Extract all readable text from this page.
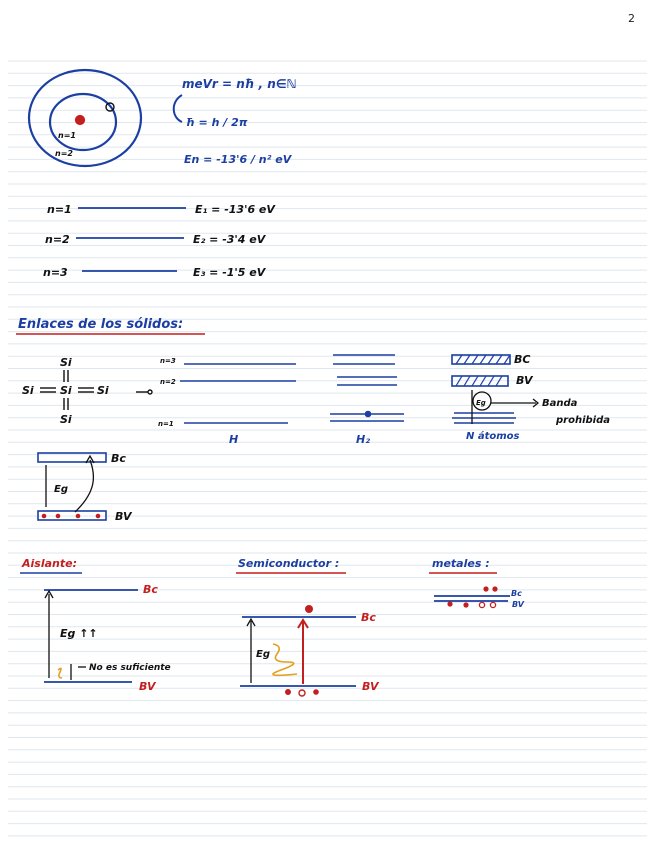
2
n=1
n=2
meVr = nħ , n∈ℕ
ħ = h / 2π
En = -13'6 / n² eV
n=1	E₁ = -13'6 eV
n=2	E₂ = -3'4 eV
n=3	E₃ = -1'5 eV
Enlaces de los sólidos:
Si
Si Si Si
Si
n=3
n=2
n=1
H	H₂
BC
BV
Eg	Banda
prohibida
N átomos
Bc
BV
Eg
Aislante:
Bc
BV
Eg ↑↑
No es suficiente
Semiconductor :
Bc
BV
Eg
metales :
Bc
BV
